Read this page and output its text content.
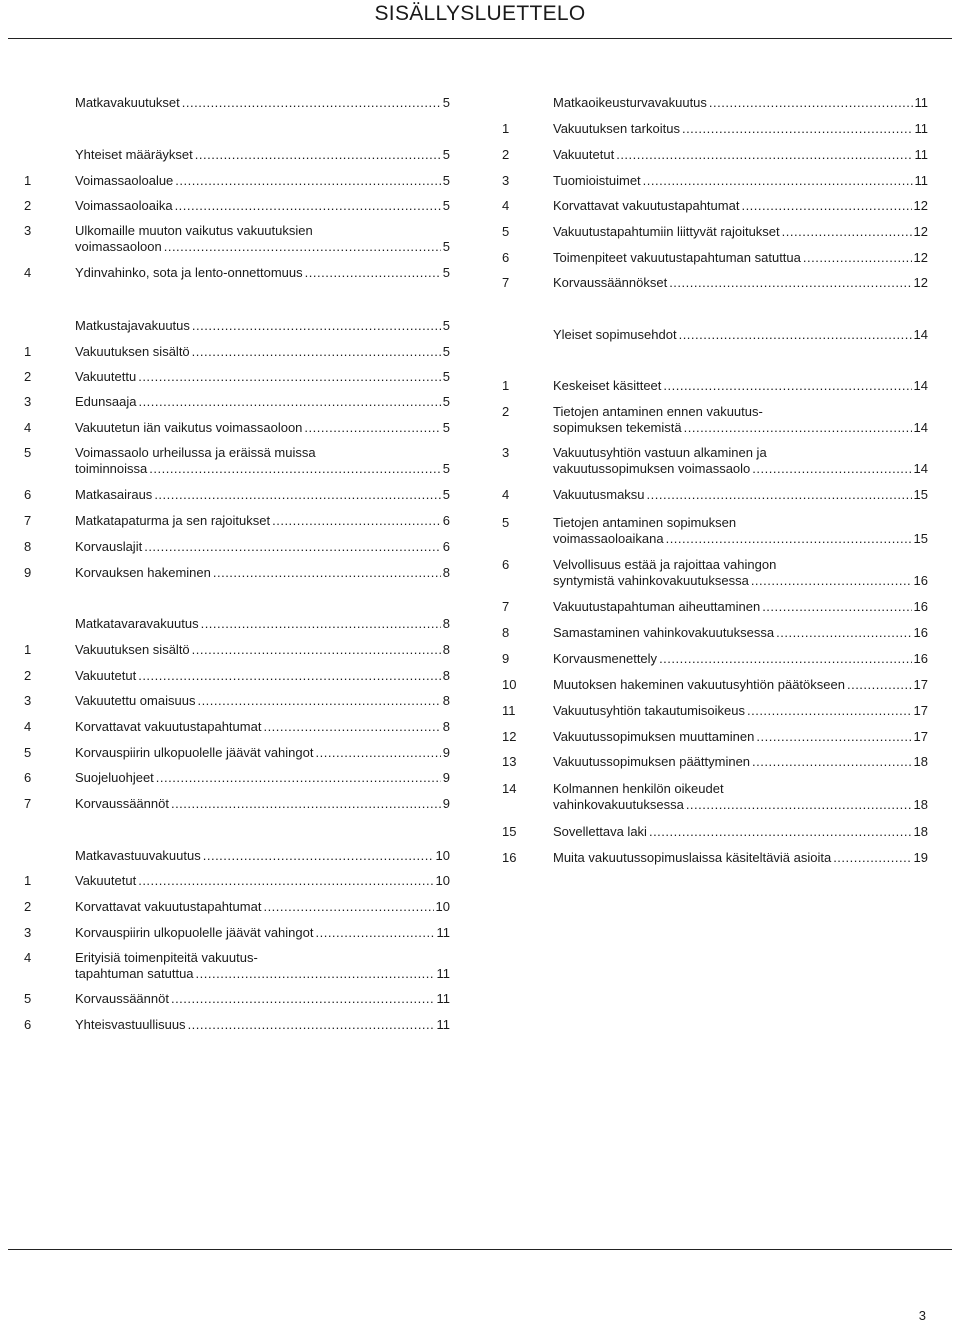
SISÄLLYSLUETTELO
Matkavakuutukset .....	5
Yhteiset määräykset .....	5
1	Voimassaoloalue .....	5
2	Voimassaoloaika .....	5
3	Ulkomaille muuton vaikutus vakuutuksien
voimassaoloon .....	5
4	Ydinvahinko, sota ja lento-onnettomuus .....	5
Matkustajavakuutus .....	5
1	Vakuutuksen sisältö .....	5
2	Vakuutettu .....	5
3	Edunsaaja .....	5
4	Vakuutetun iän vaikutus voimassaoloon .....	5
5	Voimassaolo urheilussa ja eräissä muissa
toiminnoissa .....	5
6	Matkasairaus .....	5
7	Matkatapaturma ja sen rajoitukset .....	6
8	Korvauslajit .....	6
9	Korvauksen hakeminen .....	8
Matkatavaravakuutus .....	8
1	Vakuutuksen sisältö .....	8
2	Vakuutetut .....	8
3	Vakuutettu omaisuus .....	8
4	Korvattavat vakuutustapahtumat .....	8
5	Korvauspiirin ulkopuolelle jäävät vahingot .....	9
6	Suojeluohjeet .....	9
7	Korvaussäännöt .....	9
Matkavastuuvakuutus .....	10
1	Vakuutetut .....	10
2	Korvattavat vakuutustapahtumat .....	10
3	Korvauspiirin ulkopuolelle jäävät vahingot .....	11
4	Erityisiä toimenpiteitä vakuutus-
tapahtuman satuttua .....	11
5	Korvaussäännöt .....	11
6	Yhteisvastuullisuus .....	11
Matkaoikeusturvavakuutus .....	11
1	Vakuutuksen tarkoitus .....	11
2	Vakuutetut .....	11
3	Tuomioistuimet .....	11
4	Korvattavat vakuutustapahtumat .....	12
5	Vakuutustapahtumiin liittyvät rajoitukset .....	12
6	Toimenpiteet vakuutustapahtuman satuttua .....	12
7	Korvaussäännökset .....	12
Yleiset sopimusehdot .....	14
1	Keskeiset käsitteet .....	14
2	Tietojen antaminen ennen vakuutus-
sopimuksen tekemistä .....	14
3	Vakuutusyhtiön vastuun alkaminen ja
vakuutussopimuksen voimassaolo .....	14
4	Vakuutusmaksu .....	15
5	Tietojen antaminen sopimuksen
voimassaoloaikana .....	15
6	Velvollisuus estää ja rajoittaa vahingon
syntymistä vahinkovakuutuksessa .....	16
7	Vakuutustapahtuman aiheuttaminen .....	16
8	Samastaminen vahinkovakuutuksessa .....	16
9	Korvausmenettely .....	16
10	Muutoksen hakeminen vakuutusyhtiön päätökseen .....	17
11	Vakuutusyhtiön takautumisoikeus .....	17
12	Vakuutussopimuksen muuttaminen .....	17
13	Vakuutussopimuksen päättyminen .....	18
14	Kolmannen henkilön oikeudet
vahinkovakuutuksessa .....	18
15	Sovellettava laki .....	18
16	Muita vakuutussopimuslaissa käsiteltäviä asioita .....	19
3
